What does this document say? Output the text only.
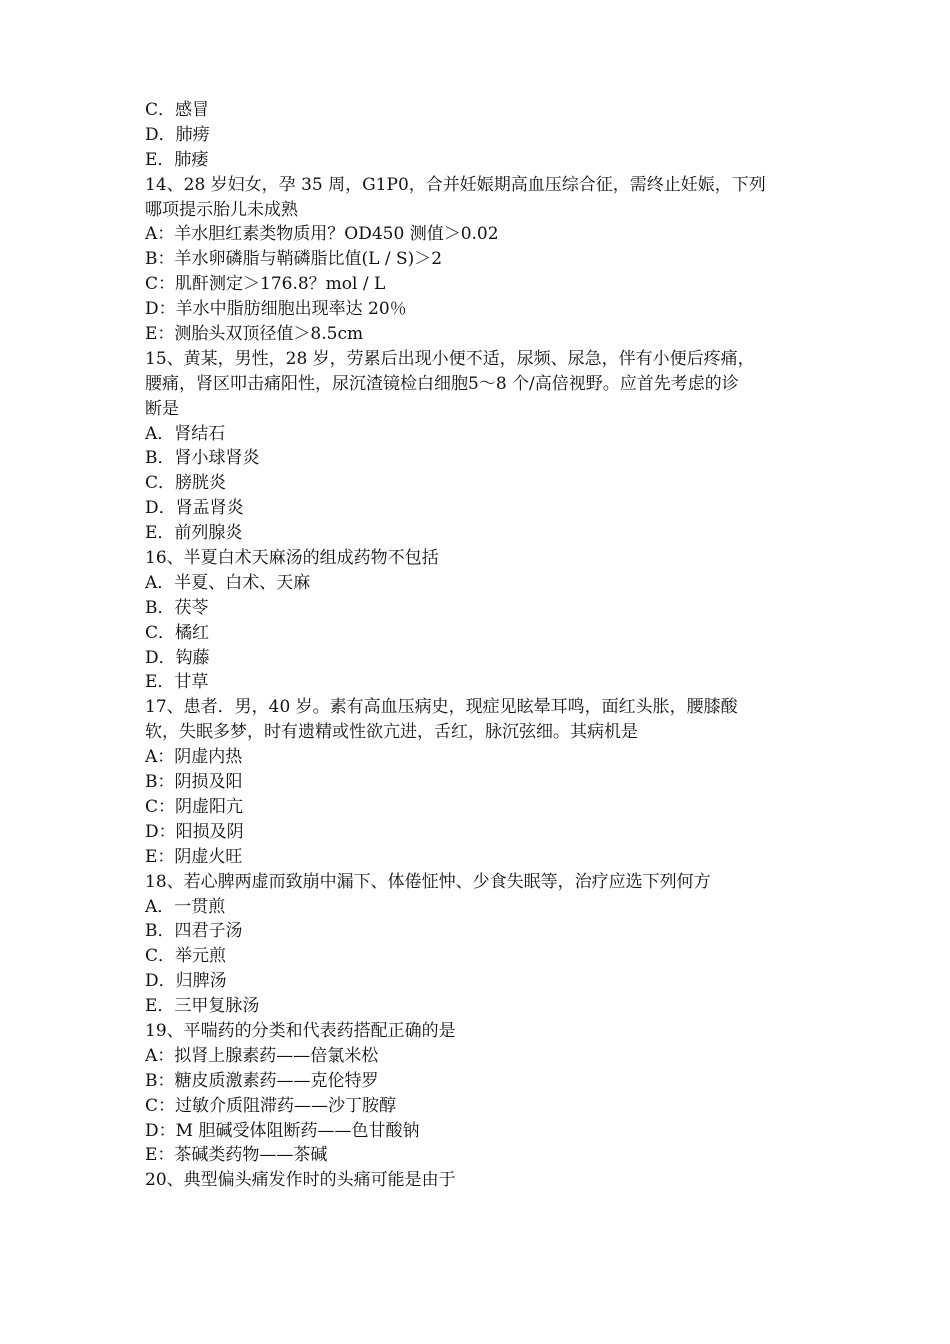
C．感冒
D．肺痨
E．肺痿
14、28 岁妇女，孕 35 周，G1P0，合并妊娠期高血压综合征，需终止妊娠，下列
哪项提示胎儿未成熟
A：羊水胆红素类物质用？OD450 测值＞0.02
B：羊水卵磷脂与鞘磷脂比值(L / S)＞2
C：肌酐测定＞176.8？mol / L
D：羊水中脂肪细胞出现率达 20％
E：测胎头双顶径值＞8.5cm
15、黄某，男性，28 岁，劳累后出现小便不适，尿频、尿急，伴有小便后疼痛，
腰痛，肾区叩击痛阳性，尿沉渣镜检白细胞5～8 个/高倍视野。应首先考虑的诊
断是
A．肾结石
B．肾小球肾炎
C．膀胱炎
D．肾盂肾炎
E．前列腺炎
16、半夏白术天麻汤的组成药物不包括
A．半夏、白术、天麻
B．茯苓
C．橘红
D．钩藤
E．甘草
17、患者．男，40 岁。素有高血压病史，现症见眩晕耳鸣，面红头胀，腰膝酸
软，失眠多梦，时有遗精或性欲亢进，舌红，脉沉弦细。其病机是
A：阴虚内热
B：阴损及阳
C：阴虚阳亢
D：阳损及阴
E：阴虚火旺
18、若心脾两虚而致崩中漏下、体倦怔忡、少食失眠等，治疗应选下列何方
A．一贯煎
B．四君子汤
C．举元煎
D．归脾汤
E．三甲复脉汤
19、平喘药的分类和代表药搭配正确的是
A：拟肾上腺素药——倍氯米松
B：糖皮质激素药——克伦特罗
C：过敏介质阻滞药——沙丁胺醇
D：M 胆碱受体阻断药——色甘酸钠
E：茶碱类药物——茶碱
20、典型偏头痛发作时的头痛可能是由于
